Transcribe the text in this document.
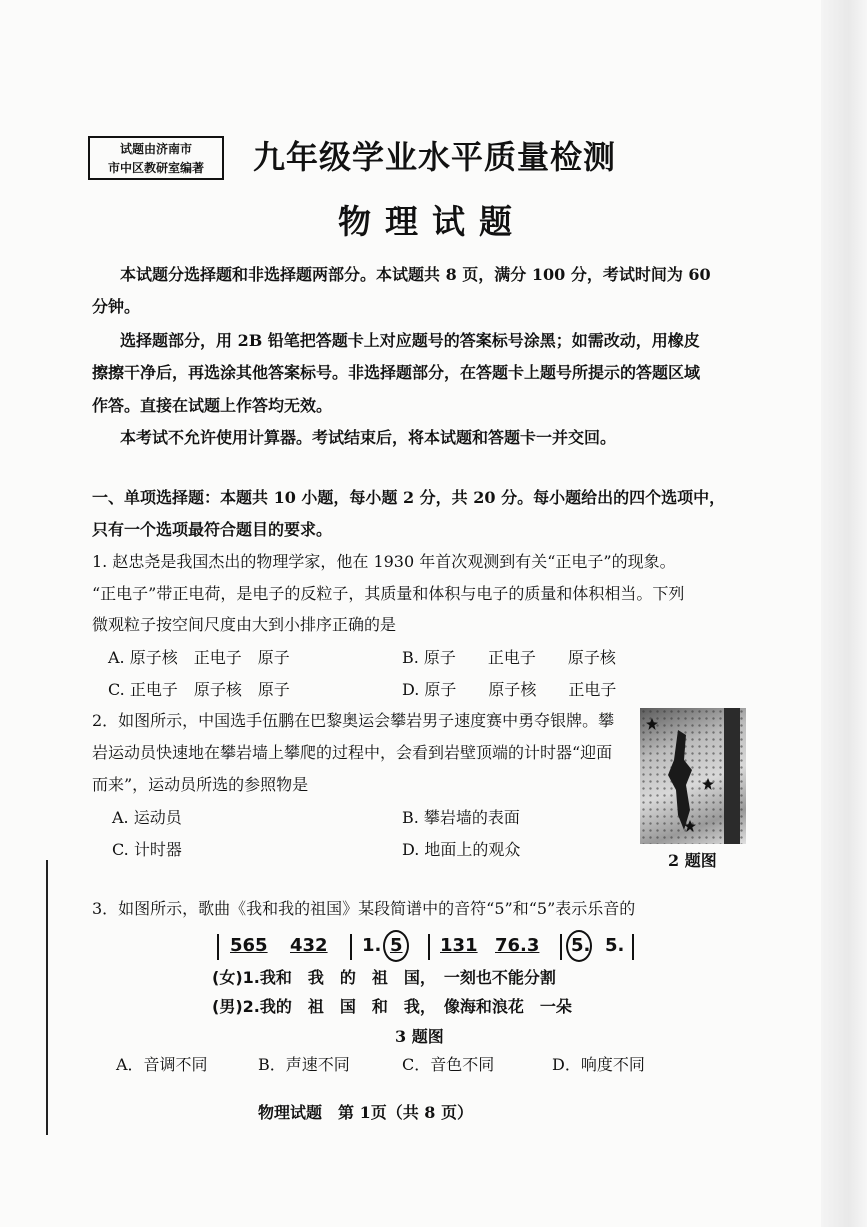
试题由济南市
市中区教研室编著	九年级学业水平质量检测
物理试题
本试题分选择题和非选择题两部分。本试题共 8 页，满分 100 分，考试时间为 60
分钟。
选择题部分，用 2B 铅笔把答题卡上对应题号的答案标号涂黑；如需改动，用橡皮
擦擦干净后，再选涂其他答案标号。非选择题部分，在答题卡上题号所提示的答题区域
作答。直接在试题上作答均无效。
本考试不允许使用计算器。考试结束后，将本试题和答题卡一并交回。
一、单项选择题：本题共 10 小题，每小题 2 分，共 20 分。每小题给出的四个选项中，
只有一个选项最符合题目的要求。
1. 赵忠尧是我国杰出的物理学家，他在 1930 年首次观测到有关“正电子”的现象。
“正电子”带正电荷，是电子的反粒子，其质量和体积与电子的质量和体积相当。下列
微观粒子按空间尺度由大到小排序正确的是
A. 原子核　正电子　原子	B. 原子　　正电子　　原子核
C. 正电子　原子核　原子	D. 原子　　原子核　　正电子
2．如图所示，中国选手伍鹏在巴黎奥运会攀岩男子速度赛中勇夺银牌。攀
岩运动员快速地在攀岩墙上攀爬的过程中，会看到岩壁顶端的计时器“迎面
而来”，运动员所选的参照物是
A. 运动员	B. 攀岩墙的表面
C. 计时器	D. 地面上的观众
2 题图
3．如图所示，歌曲《我和我的祖国》某段简谱中的音符“5”和“5”表示乐音的
565 432 1. 5 131 76.3 5. 5.
(女)1.我和　我　的　祖　国，　一刻也不能分割
(男)2.我的　祖　国　和　我，　像海和浪花　一朵
3 题图
A．音调不同	B．声速不同	C．音色不同	D．响度不同
物理试题　第 1页（共 8 页）
